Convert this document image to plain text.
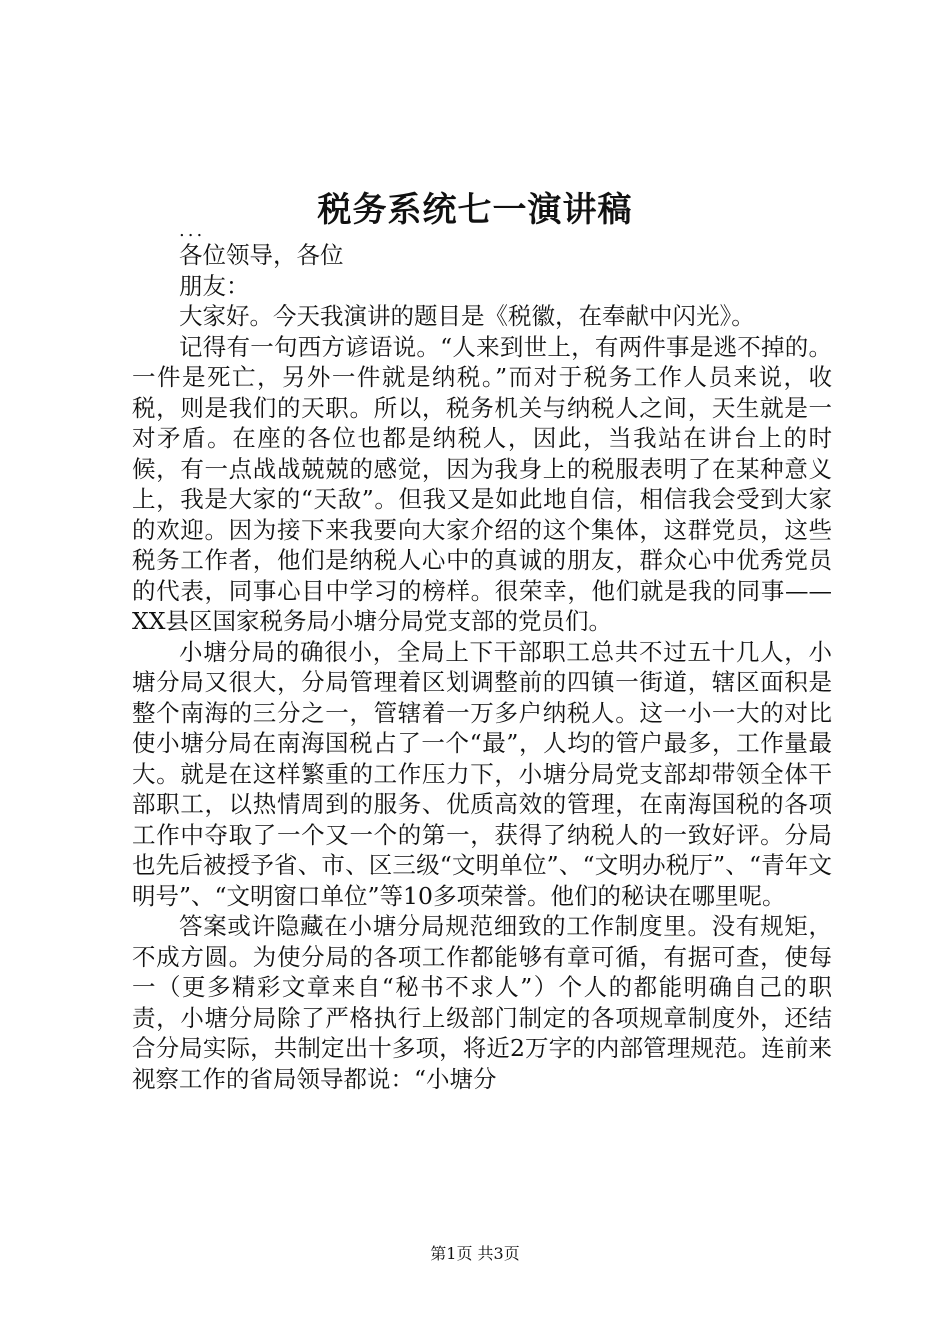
税务系统七一演讲稿

...

各位领导，各位

朋友：

大家好。今天我演讲的题目是《税徽，在奉献中闪光》。

记得有一句西方谚语说。“人来到世上，有两件事是逃不掉的。一件是死亡，另外一件就是纳税。”而对于税务工作人员来说，收税，则是我们的天职。所以，税务机关与纳税人之间，天生就是一对矛盾。在座的各位也都是纳税人，因此，当我站在讲台上的时候，有一点战战兢兢的感觉，因为我身上的税服表明了在某种意义上，我是大家的“天敌”。但我又是如此地自信，相信我会受到大家的欢迎。因为接下来我要向大家介绍的这个集体，这群党员，这些税务工作者，他们是纳税人心中的真诚的朋友，群众心中优秀党员的代表，同事心目中学习的榜样。很荣幸，他们就是我的同事——XX县区国家税务局小塘分局党支部的党员们。

小塘分局的确很小，全局上下干部职工总共不过五十几人，小塘分局又很大，分局管理着区划调整前的四镇一街道，辖区面积是整个南海的三分之一，管辖着一万多户纳税人。这一小一大的对比使小塘分局在南海国税占了一个“最”，人均的管户最多，工作量最大。就是在这样繁重的工作压力下，小塘分局党支部却带领全体干部职工，以热情周到的服务、优质高效的管理，在南海国税的各项工作中夺取了一个又一个的第一，获得了纳税人的一致好评。分局也先后被授予省、市、区三级“文明单位”、“文明办税厅”、“青年文明号”、“文明窗口单位”等10多项荣誉。他们的秘诀在哪里呢。

答案或许隐藏在小塘分局规范细致的工作制度里。没有规矩，不成方圆。为使分局的各项工作都能够有章可循，有据可查，使每一（更多精彩文章来自“秘书不求人”）个人的都能明确自己的职责，小塘分局除了严格执行上级部门制定的各项规章制度外，还结合分局实际，共制定出十多项，将近2万字的内部管理规范。连前来视察工作的省局领导都说：“小塘分

第1页 共3页
